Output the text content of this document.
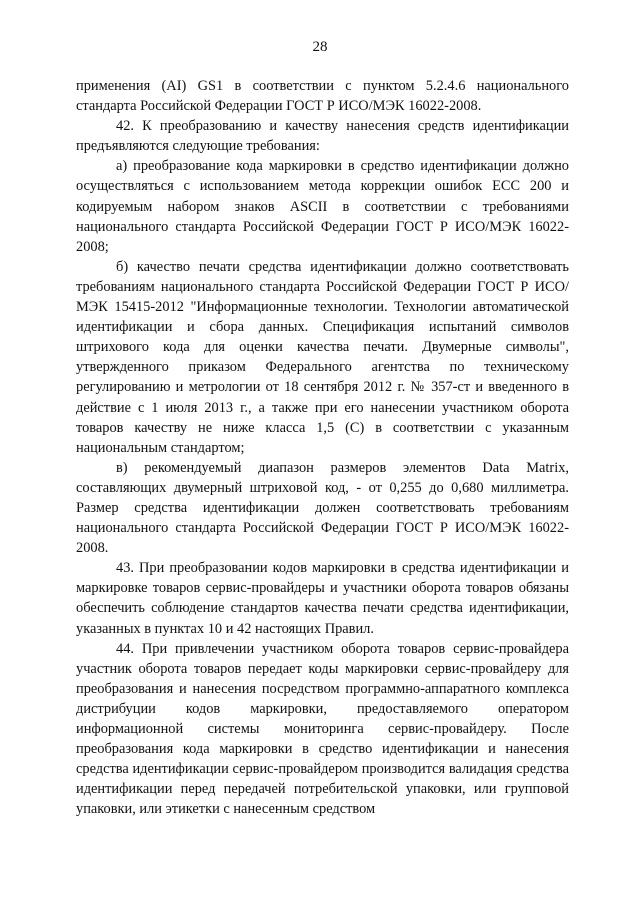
28

применения (AI) GS1 в соответствии с пунктом 5.2.4.6 национального стандарта Российской Федерации ГОСТ Р ИСО/МЭК 16022-2008.

42. К преобразованию и качеству нанесения средств идентификации предъявляются следующие требования:

а) преобразование кода маркировки в средство идентификации должно осуществляться с использованием метода коррекции ошибок ECC 200 и кодируемым набором знаков ASCII в соответствии с требованиями национального стандарта Российской Федерации ГОСТ Р ИСО/МЭК 16022-2008;

б) качество печати средства идентификации должно соответствовать требованиям национального стандарта Российской Федерации ГОСТ Р ИСО/МЭК 15415-2012 "Информационные технологии. Технологии автоматической идентификации и сбора данных. Спецификация испытаний символов штрихового кода для оценки качества печати. Двумерные символы", утвержденного приказом Федерального агентства по техническому регулированию и метрологии от 18 сентября 2012 г. № 357-ст и введенного в действие с 1 июля 2013 г., а также при его нанесении участником оборота товаров качеству не ниже класса 1,5 (C) в соответствии с указанным национальным стандартом;

в) рекомендуемый диапазон размеров элементов Data Matrix, составляющих двумерный штриховой код, - от 0,255 до 0,680 миллиметра. Размер средства идентификации должен соответствовать требованиям национального стандарта Российской Федерации ГОСТ Р ИСО/МЭК 16022-2008.

43. При преобразовании кодов маркировки в средства идентификации и маркировке товаров сервис-провайдеры и участники оборота товаров обязаны обеспечить соблюдение стандартов качества печати средства идентификации, указанных в пунктах 10 и 42 настоящих Правил.

44. При привлечении участником оборота товаров сервис-провайдера участник оборота товаров передает коды маркировки сервис-провайдеру для преобразования и нанесения посредством программно-аппаратного комплекса дистрибуции кодов маркировки, предоставляемого оператором информационной системы мониторинга сервис-провайдеру. После преобразования кода маркировки в средство идентификации и нанесения средства идентификации сервис-провайдером производится валидация средства идентификации перед передачей потребительской упаковки, или групповой упаковки, или этикетки с нанесенным средством
